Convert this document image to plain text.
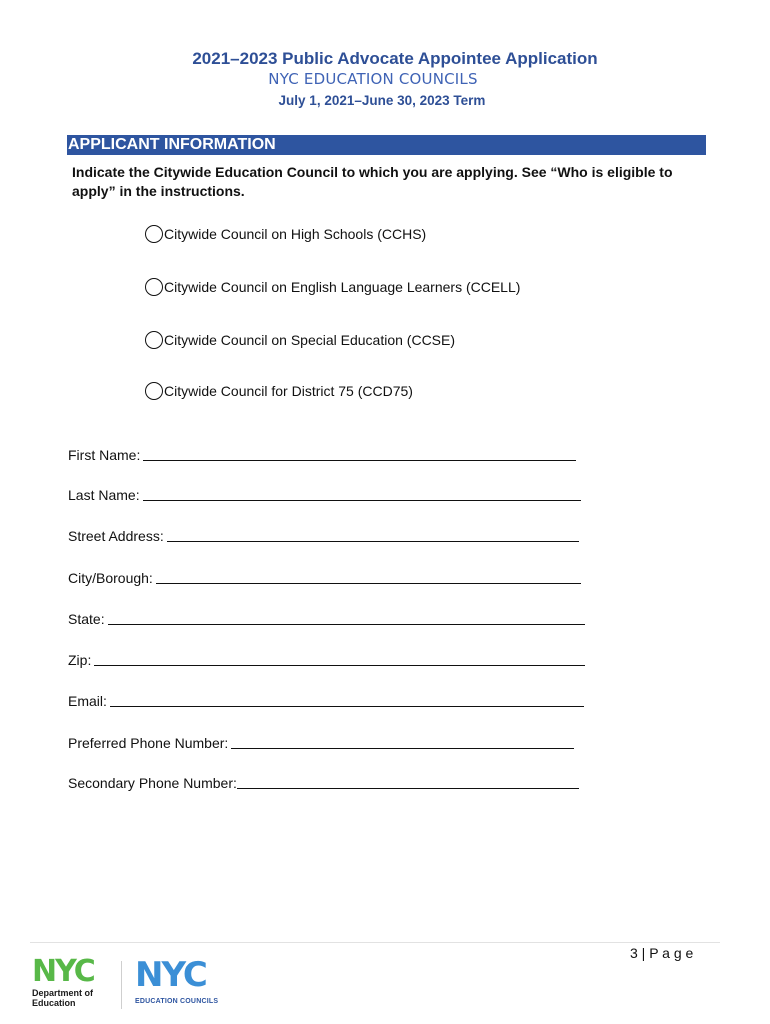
2021–2023 Public Advocate Appointee Application
NYC EDUCATION COUNCILS
July 1, 2021–June 30, 2023 Term
APPLICANT INFORMATION
Indicate the Citywide Education Council to which you are applying. See “Who is eligible to apply” in the instructions.
Citywide Council on High Schools (CCHS)
Citywide Council on English Language Learners (CCELL)
Citywide Council on Special Education (CCSE)
Citywide Council for District 75 (CCD75)
First Name:
Last Name:
Street Address:
City/Borough:
State:
Zip:
Email:
Preferred Phone Number:
Secondary Phone Number:
3 | P a g e
NYC
Department of
Education
NYC
EDUCATION COUNCILS
